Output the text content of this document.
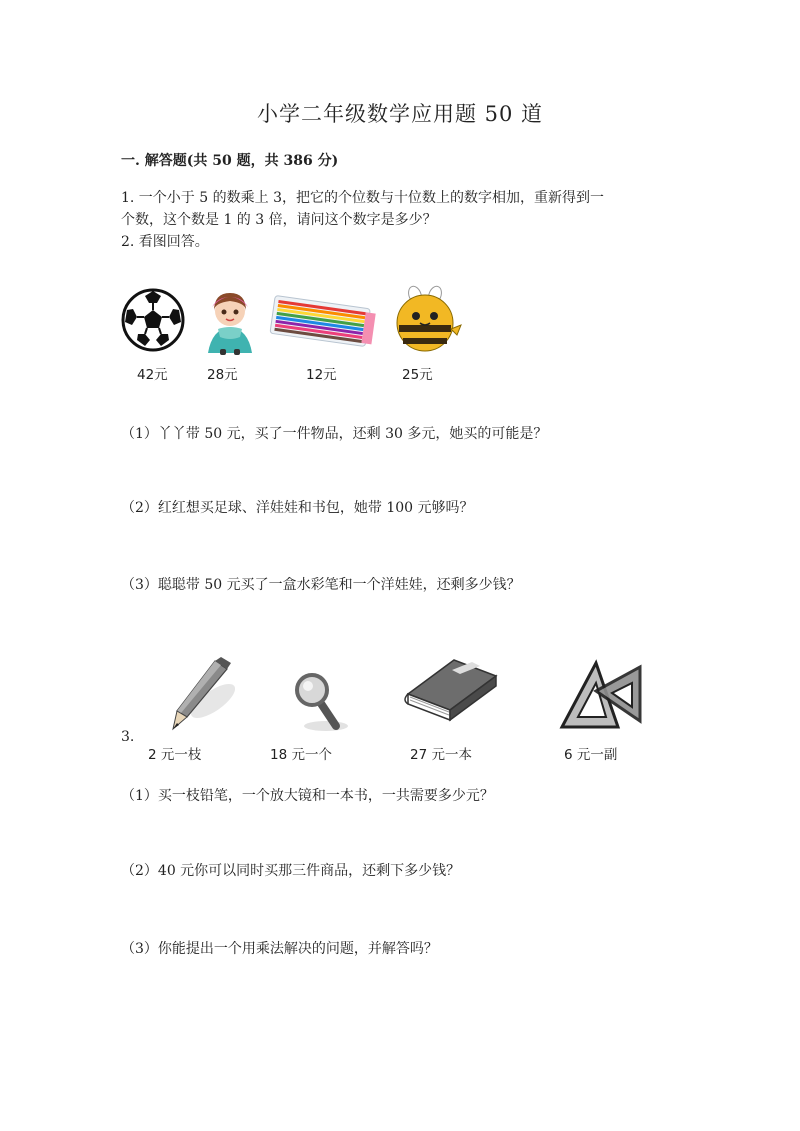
小学二年级数学应用题 50 道
一. 解答题(共 50 题，共 386 分)
1. 一个小于 5 的数乘上 3，把它的个位数与十位数上的数字相加，重新得到一
个数，这个数是 1 的 3 倍，请问这个数字是多少？
2. 看图回答。
42元	28元	12元	25元
（1）丫丫带 50 元，买了一件物品，还剩 30 多元，她买的可能是？
（2）红红想买足球、洋娃娃和书包，她带 100 元够吗？
（3）聪聪带 50 元买了一盒水彩笔和一个洋娃娃，还剩多少钱？
3.
2 元一枝	18 元一个	27 元一本	6 元一副
（1）买一枝铅笔，一个放大镜和一本书，一共需要多少元？
（2）40 元你可以同时买那三件商品，还剩下多少钱？
（3）你能提出一个用乘法解决的问题，并解答吗？
